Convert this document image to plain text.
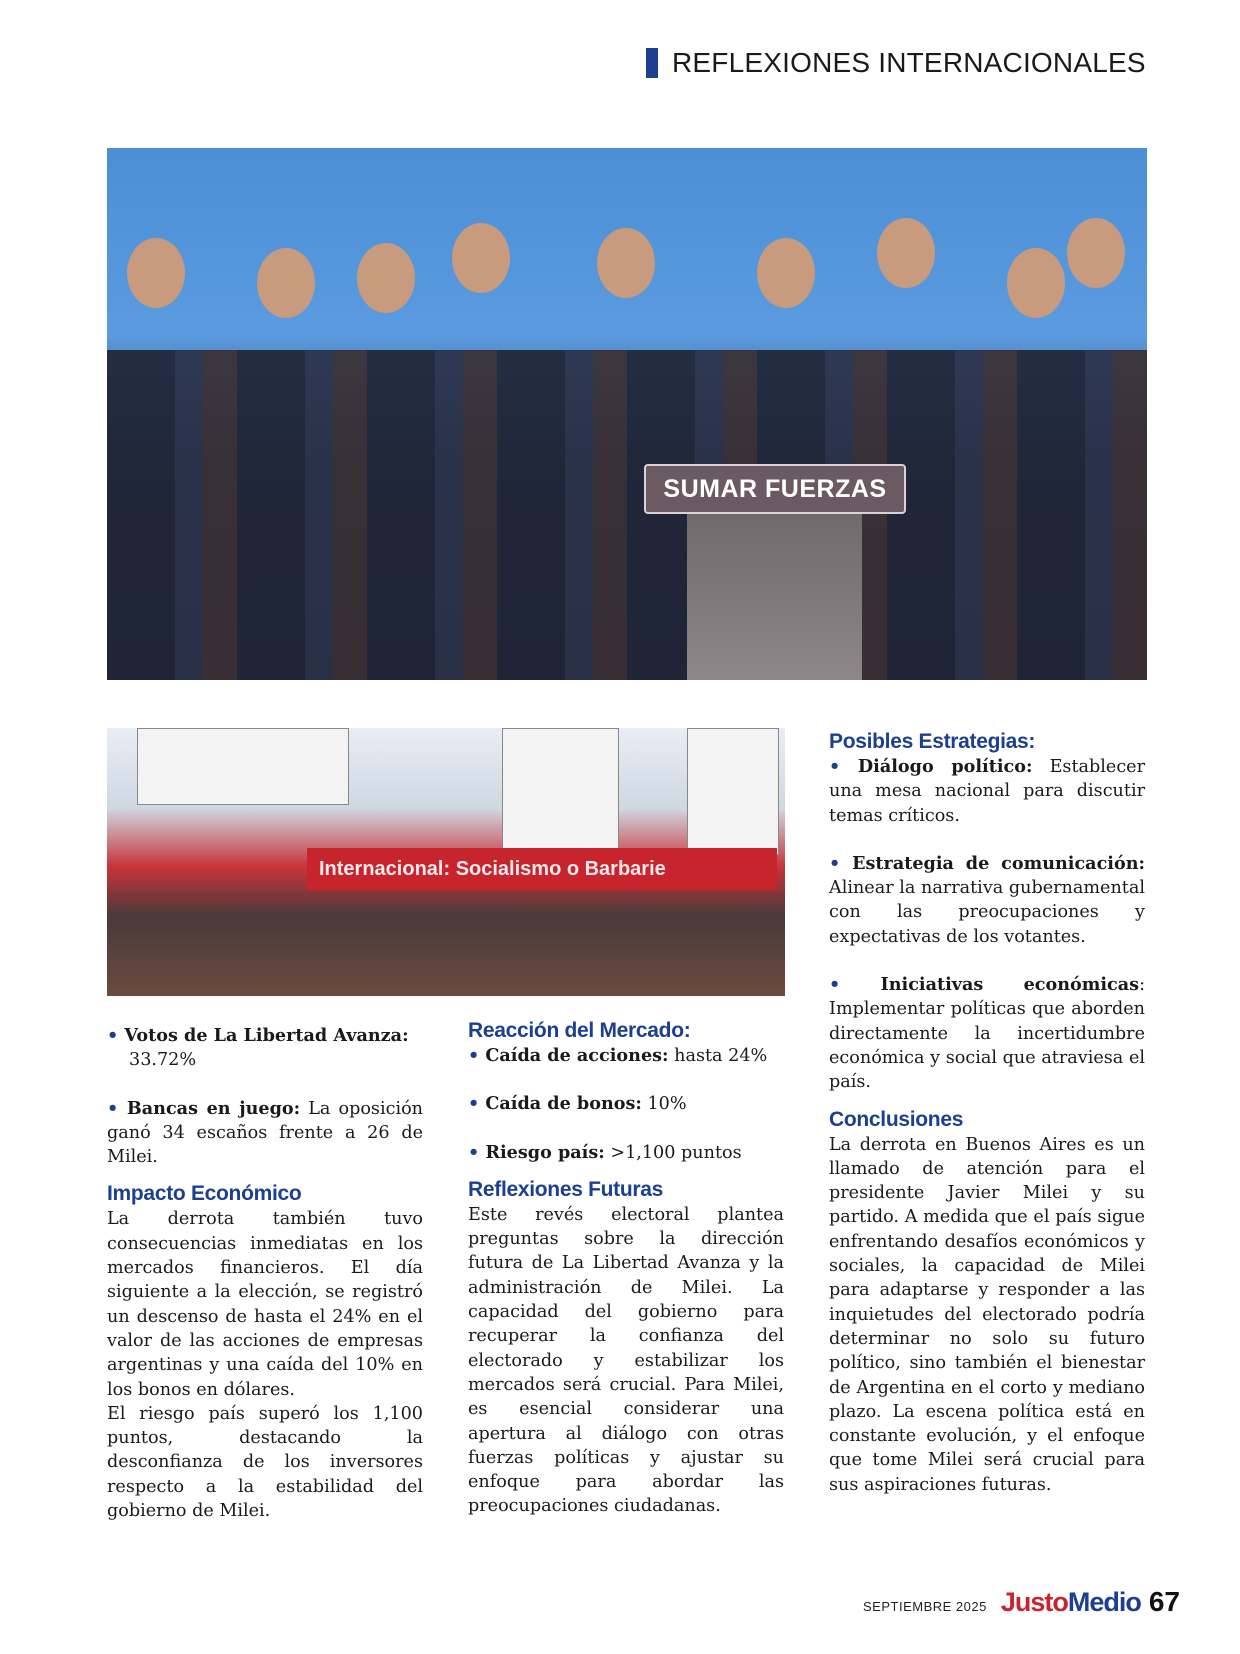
REFLEXIONES INTERNACIONALES
SUMAR FUERZAS
Internacional: Socialismo o Barbarie

• Votos de La Libertad Avanza:

33.72%

• Bancas en juego: La oposición ganó 34 escaños frente a 26 de Milei.

Impacto Económico

La derrota también tuvo consecuencias inmediatas en los mercados financieros. El día siguiente a la elección, se registró un descenso de hasta el 24% en el valor de las acciones de empresas argentinas y una caída del 10% en los bonos en dólares.

El riesgo país superó los 1,100 puntos, destacando la desconfianza de los inversores respecto a la estabilidad del gobierno de Milei.

Reacción del Mercado:

• Caída de acciones: hasta 24%

• Caída de bonos: 10%

• Riesgo país: >1,100 puntos

Reflexiones Futuras

Este revés electoral plantea preguntas sobre la dirección futura de La Libertad Avanza y la administración de Milei. La capacidad del gobierno para recuperar la confianza del electorado y estabilizar los mercados será crucial. Para Milei, es esencial considerar una apertura al diálogo con otras fuerzas políticas y ajustar su enfoque para abordar las preocupaciones ciudadanas.

Posibles Estrategias:

• Diálogo político: Establecer una mesa nacional para discutir temas críticos.

• Estrategia de comunicación: Alinear la narrativa gubernamental con las preocupaciones y expectativas de los votantes.

• Iniciativas económicas: Implementar políticas que aborden directamente la incertidumbre económica y social que atraviesa el país.

Conclusiones

La derrota en Buenos Aires es un llamado de atención para el presidente Javier Milei y su partido. A medida que el país sigue enfrentando desafíos económicos y sociales, la capacidad de Milei para adaptarse y responder a las inquietudes del electorado podría determinar no solo su futuro político, sino también el bienestar de Argentina en el corto y mediano plazo. La escena política está en constante evolución, y el enfoque que tome Milei será crucial para sus aspiraciones futuras.

SEPTIEMBRE 2025 JustoMedio 67
